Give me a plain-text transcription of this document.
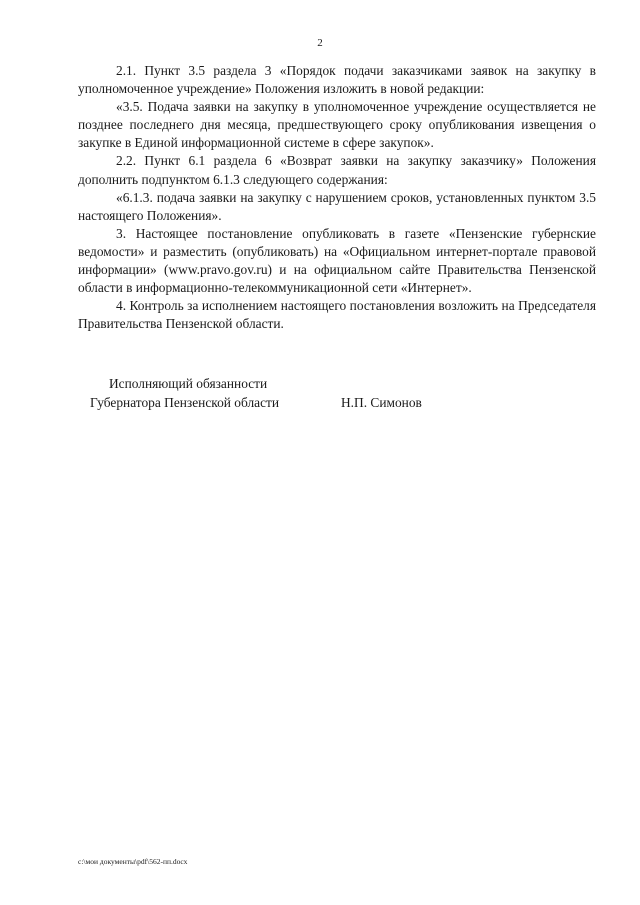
2

2.1. Пункт 3.5 раздела 3 «Порядок подачи заказчиками заявок на закупку в уполномоченное учреждение» Положения изложить в новой редакции:

«3.5. Подача заявки на закупку в уполномоченное учреждение осуществляется не позднее последнего дня месяца, предшествующего сроку опубликования извещения о закупке в Единой информационной системе в сфере закупок».

2.2. Пункт 6.1 раздела 6 «Возврат заявки на закупку заказчику» Положения дополнить подпунктом 6.1.3 следующего содержания:

«6.1.3. подача заявки на закупку с нарушением сроков, установленных пунктом 3.5 настоящего Положения».

3. Настоящее постановление опубликовать в газете «Пензенские губернские ведомости» и разместить (опубликовать) на «Официальном интернет-портале правовой информации» (www.pravo.gov.ru) и на официальном сайте Правительства Пензенской области в информационно-телекоммуникационной сети «Интернет».

4. Контроль за исполнением настоящего постановления возложить на Председателя Правительства Пензенской области.

Исполняющий обязанности
Губернатора Пензенской области	Н.П. Симонов
c:\мои документы\pdf\562-пп.docx
